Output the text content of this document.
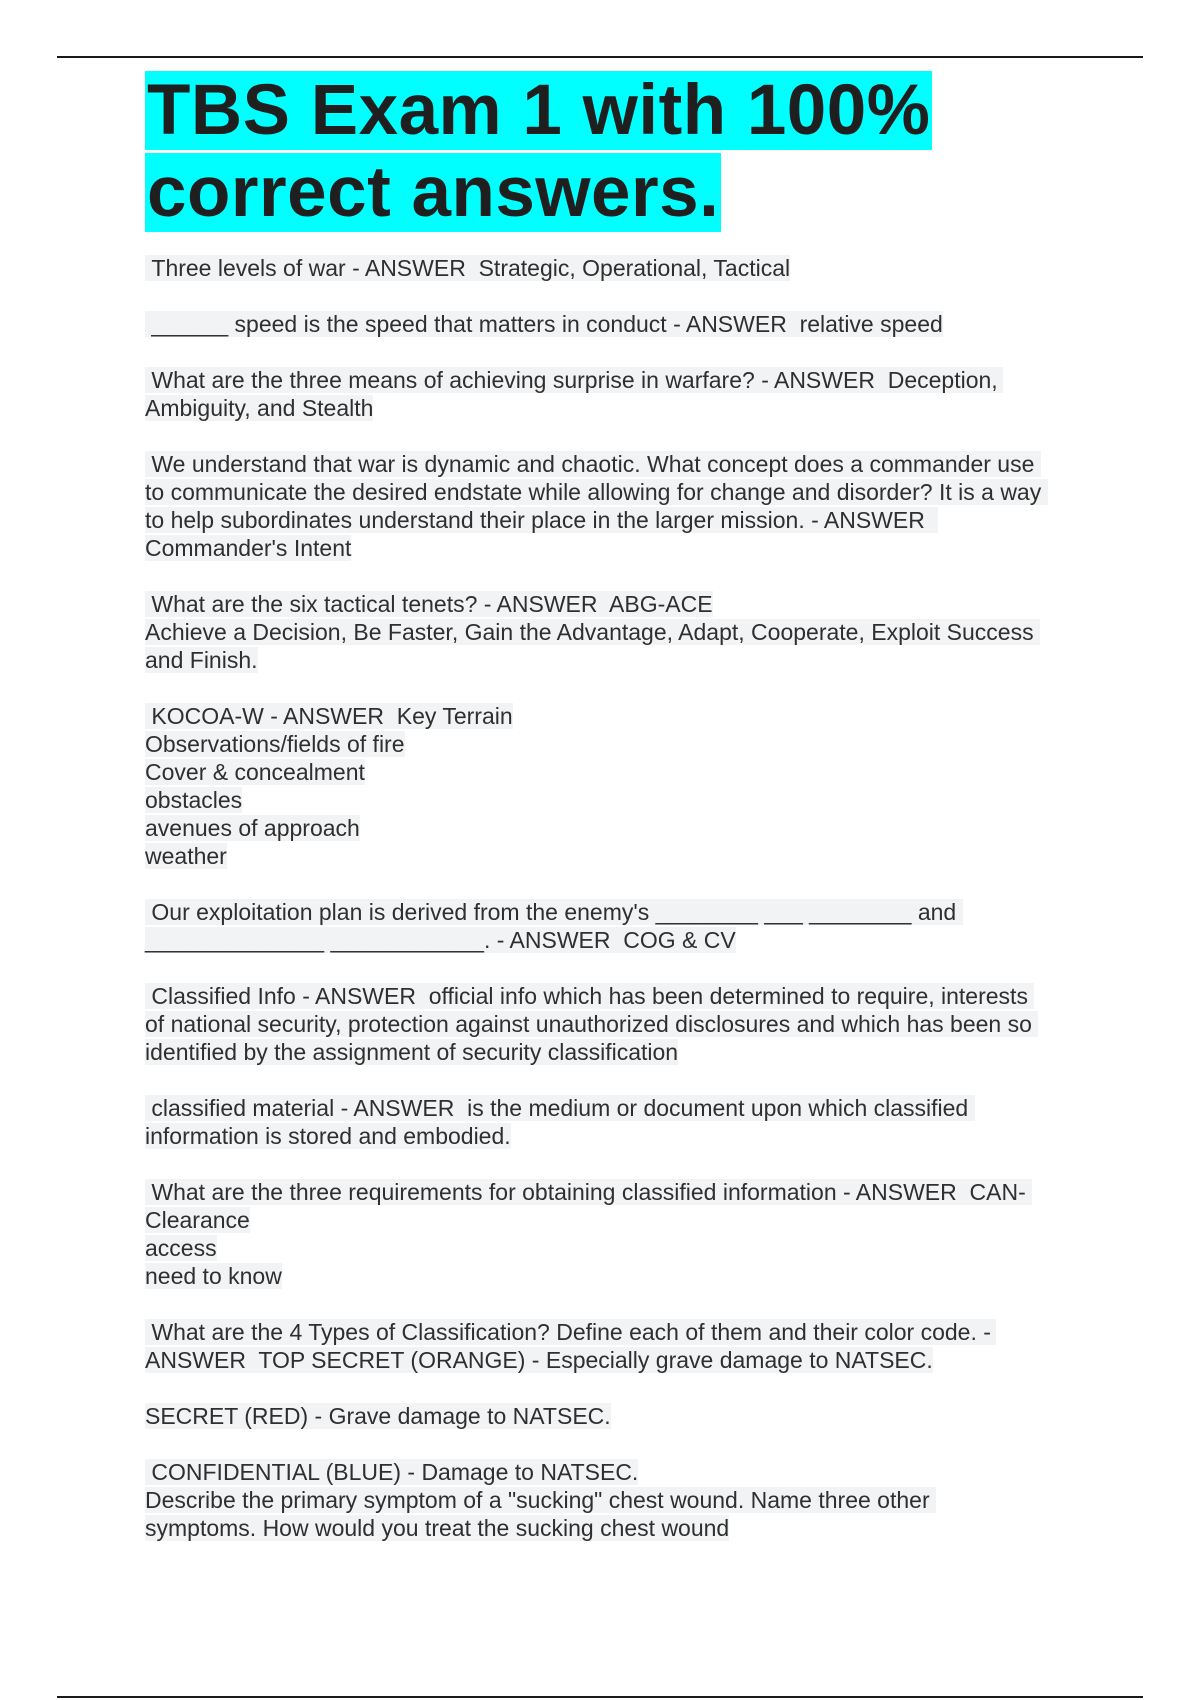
TBS Exam 1 with 100% correct answers.

Three levels of war - ANSWER  Strategic, Operational, Tactical

______ speed is the speed that matters in conduct - ANSWER  relative speed

What are the three means of achieving surprise in warfare? - ANSWER  Deception, Ambiguity, and Stealth

We understand that war is dynamic and chaotic. What concept does a commander use to communicate the desired endstate while allowing for change and disorder? It is a way to help subordinates understand their place in the larger mission. - ANSWER  Commander's Intent

What are the six tactical tenets? - ANSWER  ABG-ACE
Achieve a Decision, Be Faster, Gain the Advantage, Adapt, Cooperate, Exploit Success and Finish.

KOCOA-W - ANSWER  Key Terrain
Observations/fields of fire
Cover & concealment
obstacles
avenues of approach
weather

Our exploitation plan is derived from the enemy's ________ ___ ________ and ______________ ____________. - ANSWER  COG & CV

Classified Info - ANSWER  official info which has been determined to require, interests of national security, protection against unauthorized disclosures and which has been so identified by the assignment of security classification

classified material - ANSWER  is the medium or document upon which classified information is stored and embodied.

What are the three requirements for obtaining classified information - ANSWER  CAN- Clearance
access
need to know

What are the 4 Types of Classification? Define each of them and their color code. - ANSWER  TOP SECRET (ORANGE) - Especially grave damage to NATSEC.

SECRET (RED) - Grave damage to NATSEC.

CONFIDENTIAL (BLUE) - Damage to NATSEC.
Describe the primary symptom of a "sucking" chest wound. Name three other symptoms. How would you treat the sucking chest wound
